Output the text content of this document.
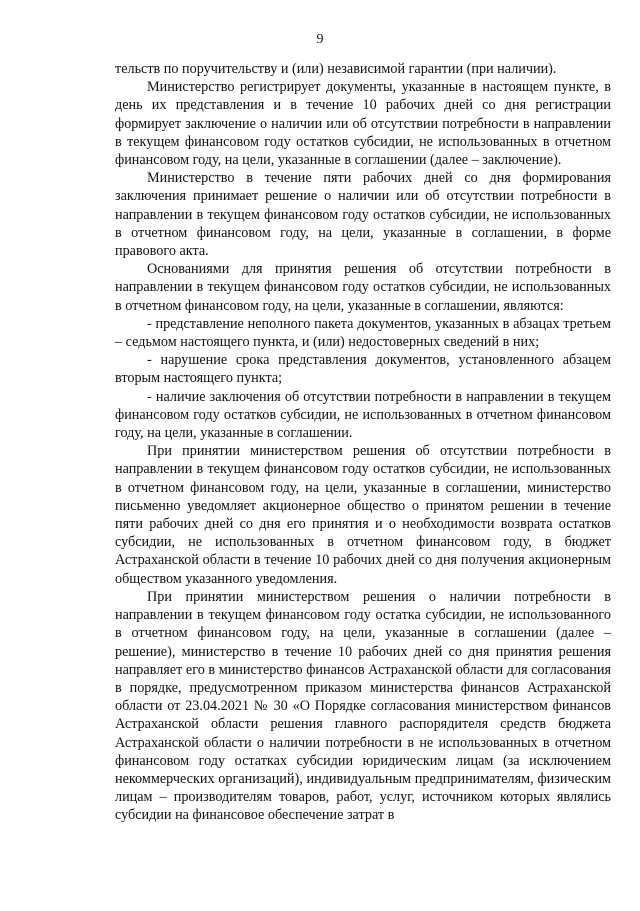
9

тельств по поручительству и (или) независимой гарантии (при наличии).

Министерство регистрирует документы, указанные в настоящем пункте, в день их представления и в течение 10 рабочих дней со дня регистрации формирует заключение о наличии или об отсутствии потребности в направлении в текущем финансовом году остатков субсидии, не использованных в отчетном финансовом году, на цели, указанные в соглашении (далее – заключение).

Министерство в течение пяти рабочих дней со дня формирования заключения принимает решение о наличии или об отсутствии потребности в направлении в текущем финансовом году остатков субсидии, не использованных в отчетном финансовом году, на цели, указанные в соглашении, в форме правового акта.

Основаниями для принятия решения об отсутствии потребности в направлении в текущем финансовом году остатков субсидии, не использованных в отчетном финансовом году, на цели, указанные в соглашении, являются:

- представление неполного пакета документов, указанных в абзацах третьем – седьмом настоящего пункта, и (или) недостоверных сведений в них;

- нарушение срока представления документов, установленного абзацем вторым настоящего пункта;

- наличие заключения об отсутствии потребности в направлении в текущем финансовом году остатков субсидии, не использованных в отчетном финансовом году, на цели, указанные в соглашении.

При принятии министерством решения об отсутствии потребности в направлении в текущем финансовом году остатков субсидии, не использованных в отчетном финансовом году, на цели, указанные в соглашении, министерство письменно уведомляет акционерное общество о принятом решении в течение пяти рабочих дней со дня его принятия и о необходимости возврата остатков субсидии, не использованных в отчетном финансовом году, в бюджет Астраханской области в течение 10 рабочих дней со дня получения акционерным обществом указанного уведомления.

При принятии министерством решения о наличии потребности в направлении в текущем финансовом году остатка субсидии, не использованного в отчетном финансовом году, на цели, указанные в соглашении (далее – решение), министерство в течение 10 рабочих дней со дня принятия решения направляет его в министерство финансов Астраханской области для согласования в порядке, предусмотренном приказом министерства финансов Астраханской области от 23.04.2021 № 30 «О Порядке согласования министерством финансов Астраханской области решения главного распорядителя средств бюджета Астраханской области о наличии потребности в не использованных в отчетном финансовом году остатках субсидии юридическим лицам (за исключением некоммерческих организаций), индивидуальным предпринимателям, физическим лицам – производителям товаров, работ, услуг, источником которых являлись субсидии на финансовое обеспечение затрат в
